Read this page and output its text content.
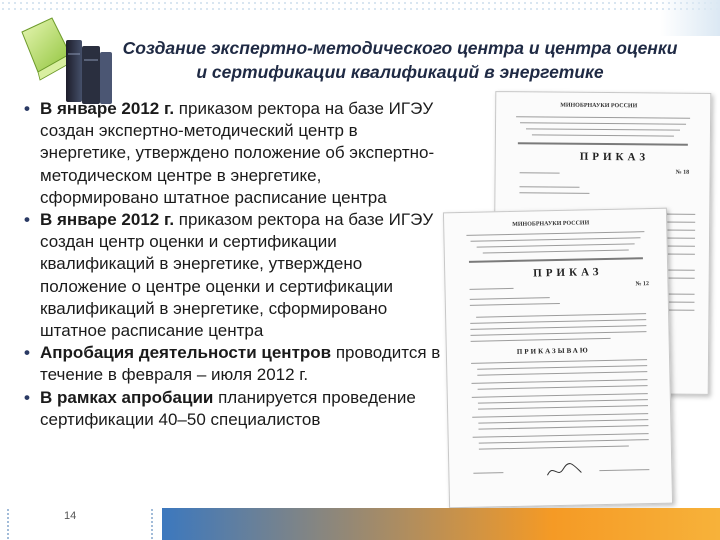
Создание экспертно-методического центра и центра оценки
и сертификации квалификаций в энергетике
• В январе 2012 г. приказом ректора на базе ИГЭУ создан экспертно-методический центр в энергетике, утверждено положение об экспертно-методическом центре в энергетике, сформировано штатное расписание центра
• В январе 2012 г. приказом ректора на базе ИГЭУ создан центр оценки и сертификации квалификаций в энергетике, утверждено положение о центре оценки и сертификации квалификаций в энергетике, сформировано штатное расписание центра
• Апробация деятельности центров проводится в течение в февраля – июля 2012 г.
• В рамках апробации планируется проведение сертификации 40–50 специалистов
МИНОБРНАУКИ РОССИИ
ПРИКАЗ
№ 18
МИНОБРНАУКИ РОССИИ
ПРИКАЗ
№ 12
ПРИКАЗЫВАЮ
14
